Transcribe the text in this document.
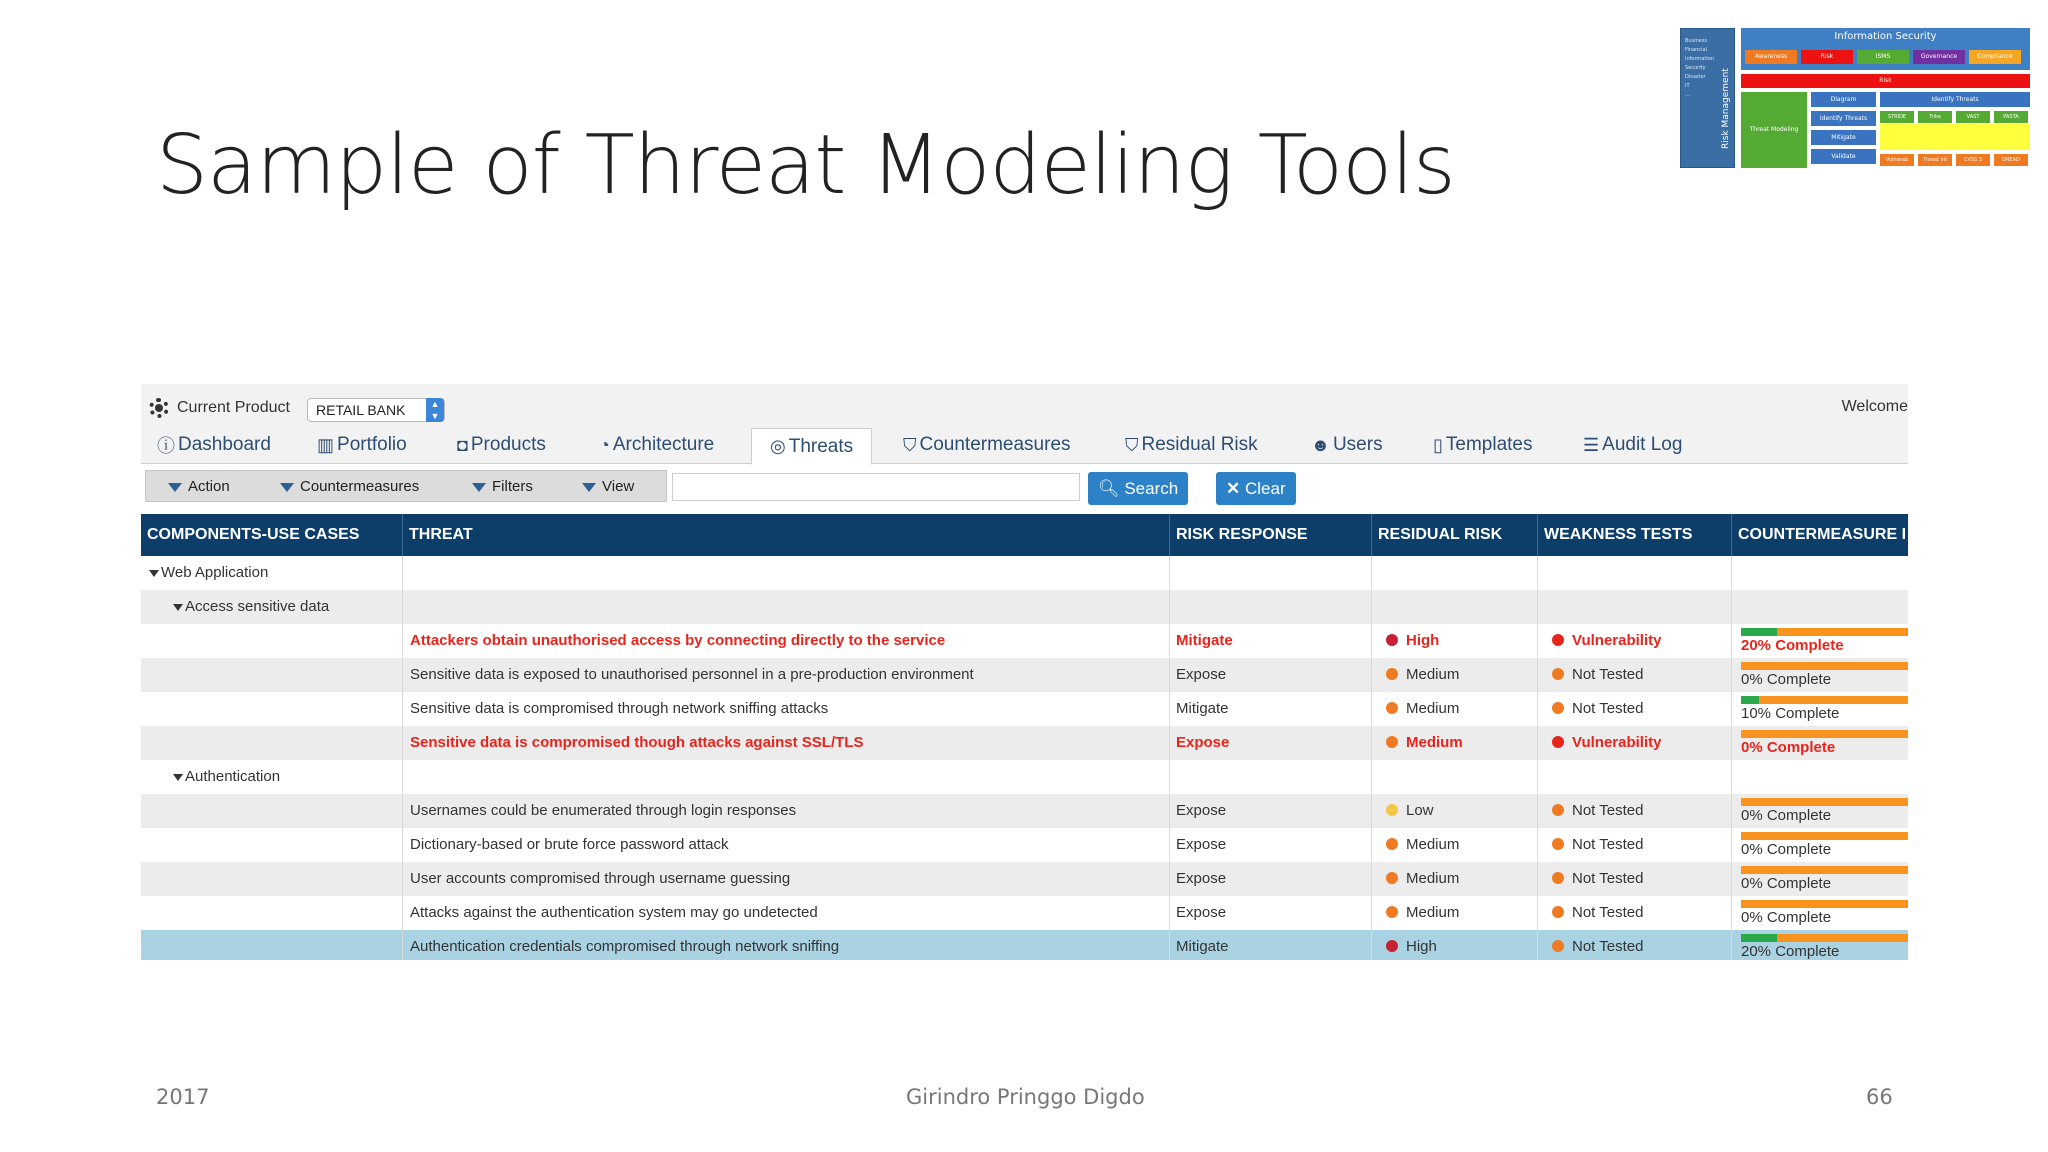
Sample of Threat Modeling Tools
Business
Financial
Information
Security
Disaster
IT
...	Risk Management
Information Security
Awareness	Risk	ISMS	Governance	Compliance
Risk
Threat Modeling
Diagram
Identify Threats
Mitigate
Validate
Identify Threats
STRIDE	Trike	VAST	PASTA
Vulnerab	Threat Int	CVSS 3	DREAD
Current Product	RETAIL BANK	▲
▼
Welcome
ⓘ Dashboard	▥ Portfolio	◘ Products	◔ Architecture	◎ Threats	⛉ Countermeasures	⛉ Residual Risk	☻ Users	▯ Templates	☰ Audit Log
Action	Countermeasures	Filters	View	🔍︎ Search	✕ Clear
COMPONENTS-USE CASES	THREAT	RISK RESPONSE	RESIDUAL RISK	WEAKNESS TESTS	COUNTERMEASURE I
Web Application
Access sensitive data
Attackers obtain unauthorised access by connecting directly to the service	Mitigate	High	Vulnerability	20% Complete
Sensitive data is exposed to unauthorised personnel in a pre-production environment	Expose	Medium	Not Tested	0% Complete
Sensitive data is compromised through network sniffing attacks	Mitigate	Medium	Not Tested	10% Complete
Sensitive data is compromised though attacks against SSL/TLS	Expose	Medium	Vulnerability	0% Complete
Authentication
Usernames could be enumerated through login responses	Expose	Low	Not Tested	0% Complete
Dictionary-based or brute force password attack	Expose	Medium	Not Tested	0% Complete
User accounts compromised through username guessing	Expose	Medium	Not Tested	0% Complete
Attacks against the authentication system may go undetected	Expose	Medium	Not Tested	0% Complete
Authentication credentials compromised through network sniffing	Mitigate	High	Not Tested	20% Complete
2017	Girindro Pringgo Digdo	66
